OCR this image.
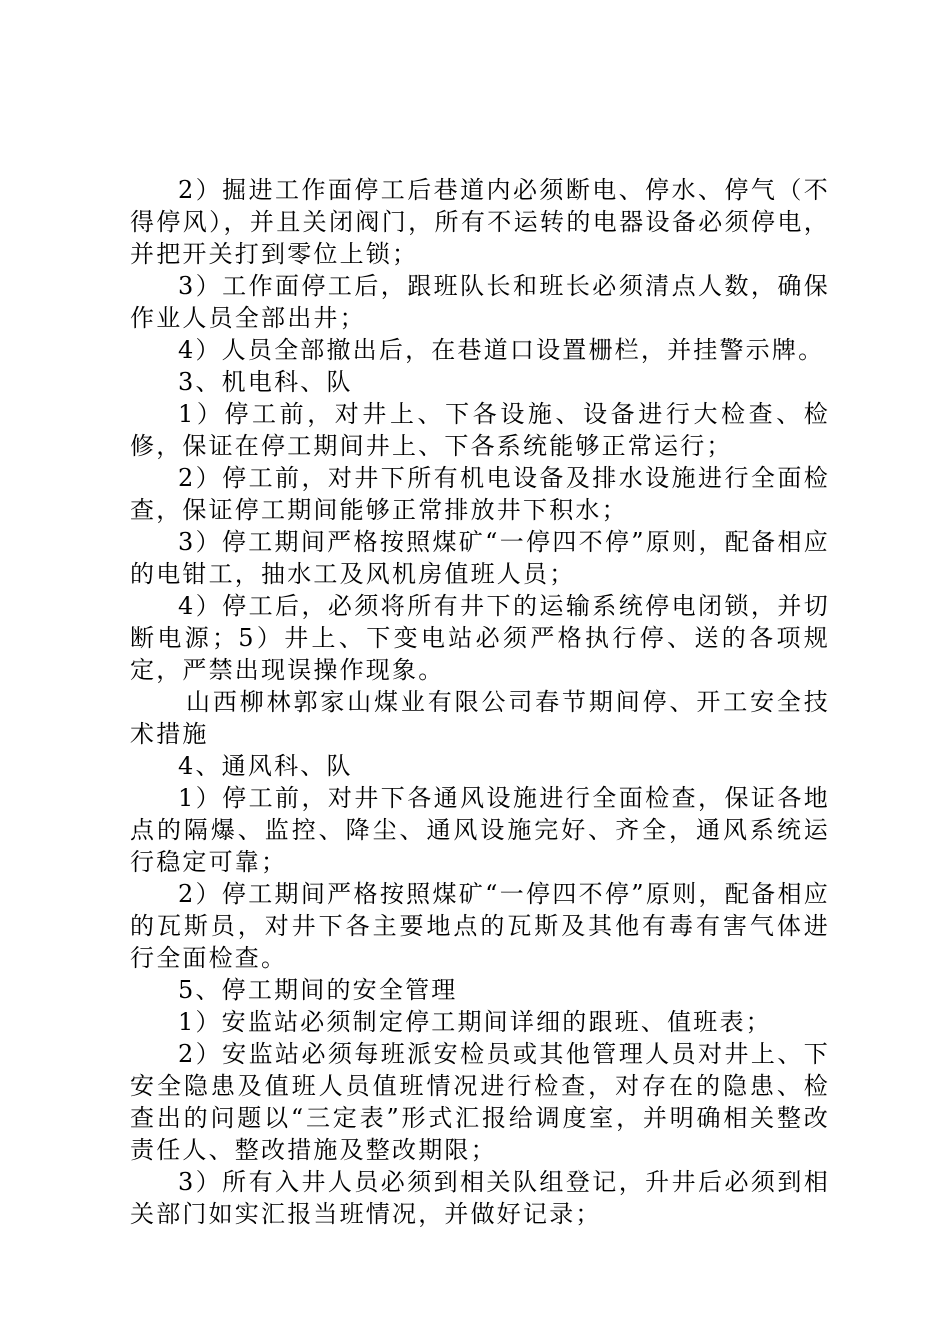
2）掘进工作面停工后巷道内必须断电、停水、停气（不得停风），并且关闭阀门，所有不运转的电器设备必须停电，并把开关打到零位上锁；

3）工作面停工后，跟班队长和班长必须清点人数，确保作业人员全部出井；

4）人员全部撤出后，在巷道口设置栅栏，并挂警示牌。

3、机电科、队

1）停工前，对井上、下各设施、设备进行大检查、检修，保证在停工期间井上、下各系统能够正常运行；

2）停工前，对井下所有机电设备及排水设施进行全面检查，保证停工期间能够正常排放井下积水；

3）停工期间严格按照煤矿“一停四不停”原则，配备相应的电钳工，抽水工及风机房值班人员；

4）停工后，必须将所有井下的运输系统停电闭锁，并切断电源；5）井上、下变电站必须严格执行停、送的各项规定，严禁出现误操作现象。

山西柳林郭家山煤业有限公司春节期间停、开工安全技术措施

4、通风科、队

1）停工前，对井下各通风设施进行全面检查，保证各地点的隔爆、监控、降尘、通风设施完好、齐全，通风系统运行稳定可靠；

2）停工期间严格按照煤矿“一停四不停”原则，配备相应的瓦斯员，对井下各主要地点的瓦斯及其他有毒有害气体进行全面检查。

5、停工期间的安全管理

1）安监站必须制定停工期间详细的跟班、值班表；

2）安监站必须每班派安检员或其他管理人员对井上、下安全隐患及值班人员值班情况进行检查，对存在的隐患、检查出的问题以“三定表”形式汇报给调度室，并明确相关整改责任人、整改措施及整改期限；

3）所有入井人员必须到相关队组登记，升井后必须到相关部门如实汇报当班情况，并做好记录；
